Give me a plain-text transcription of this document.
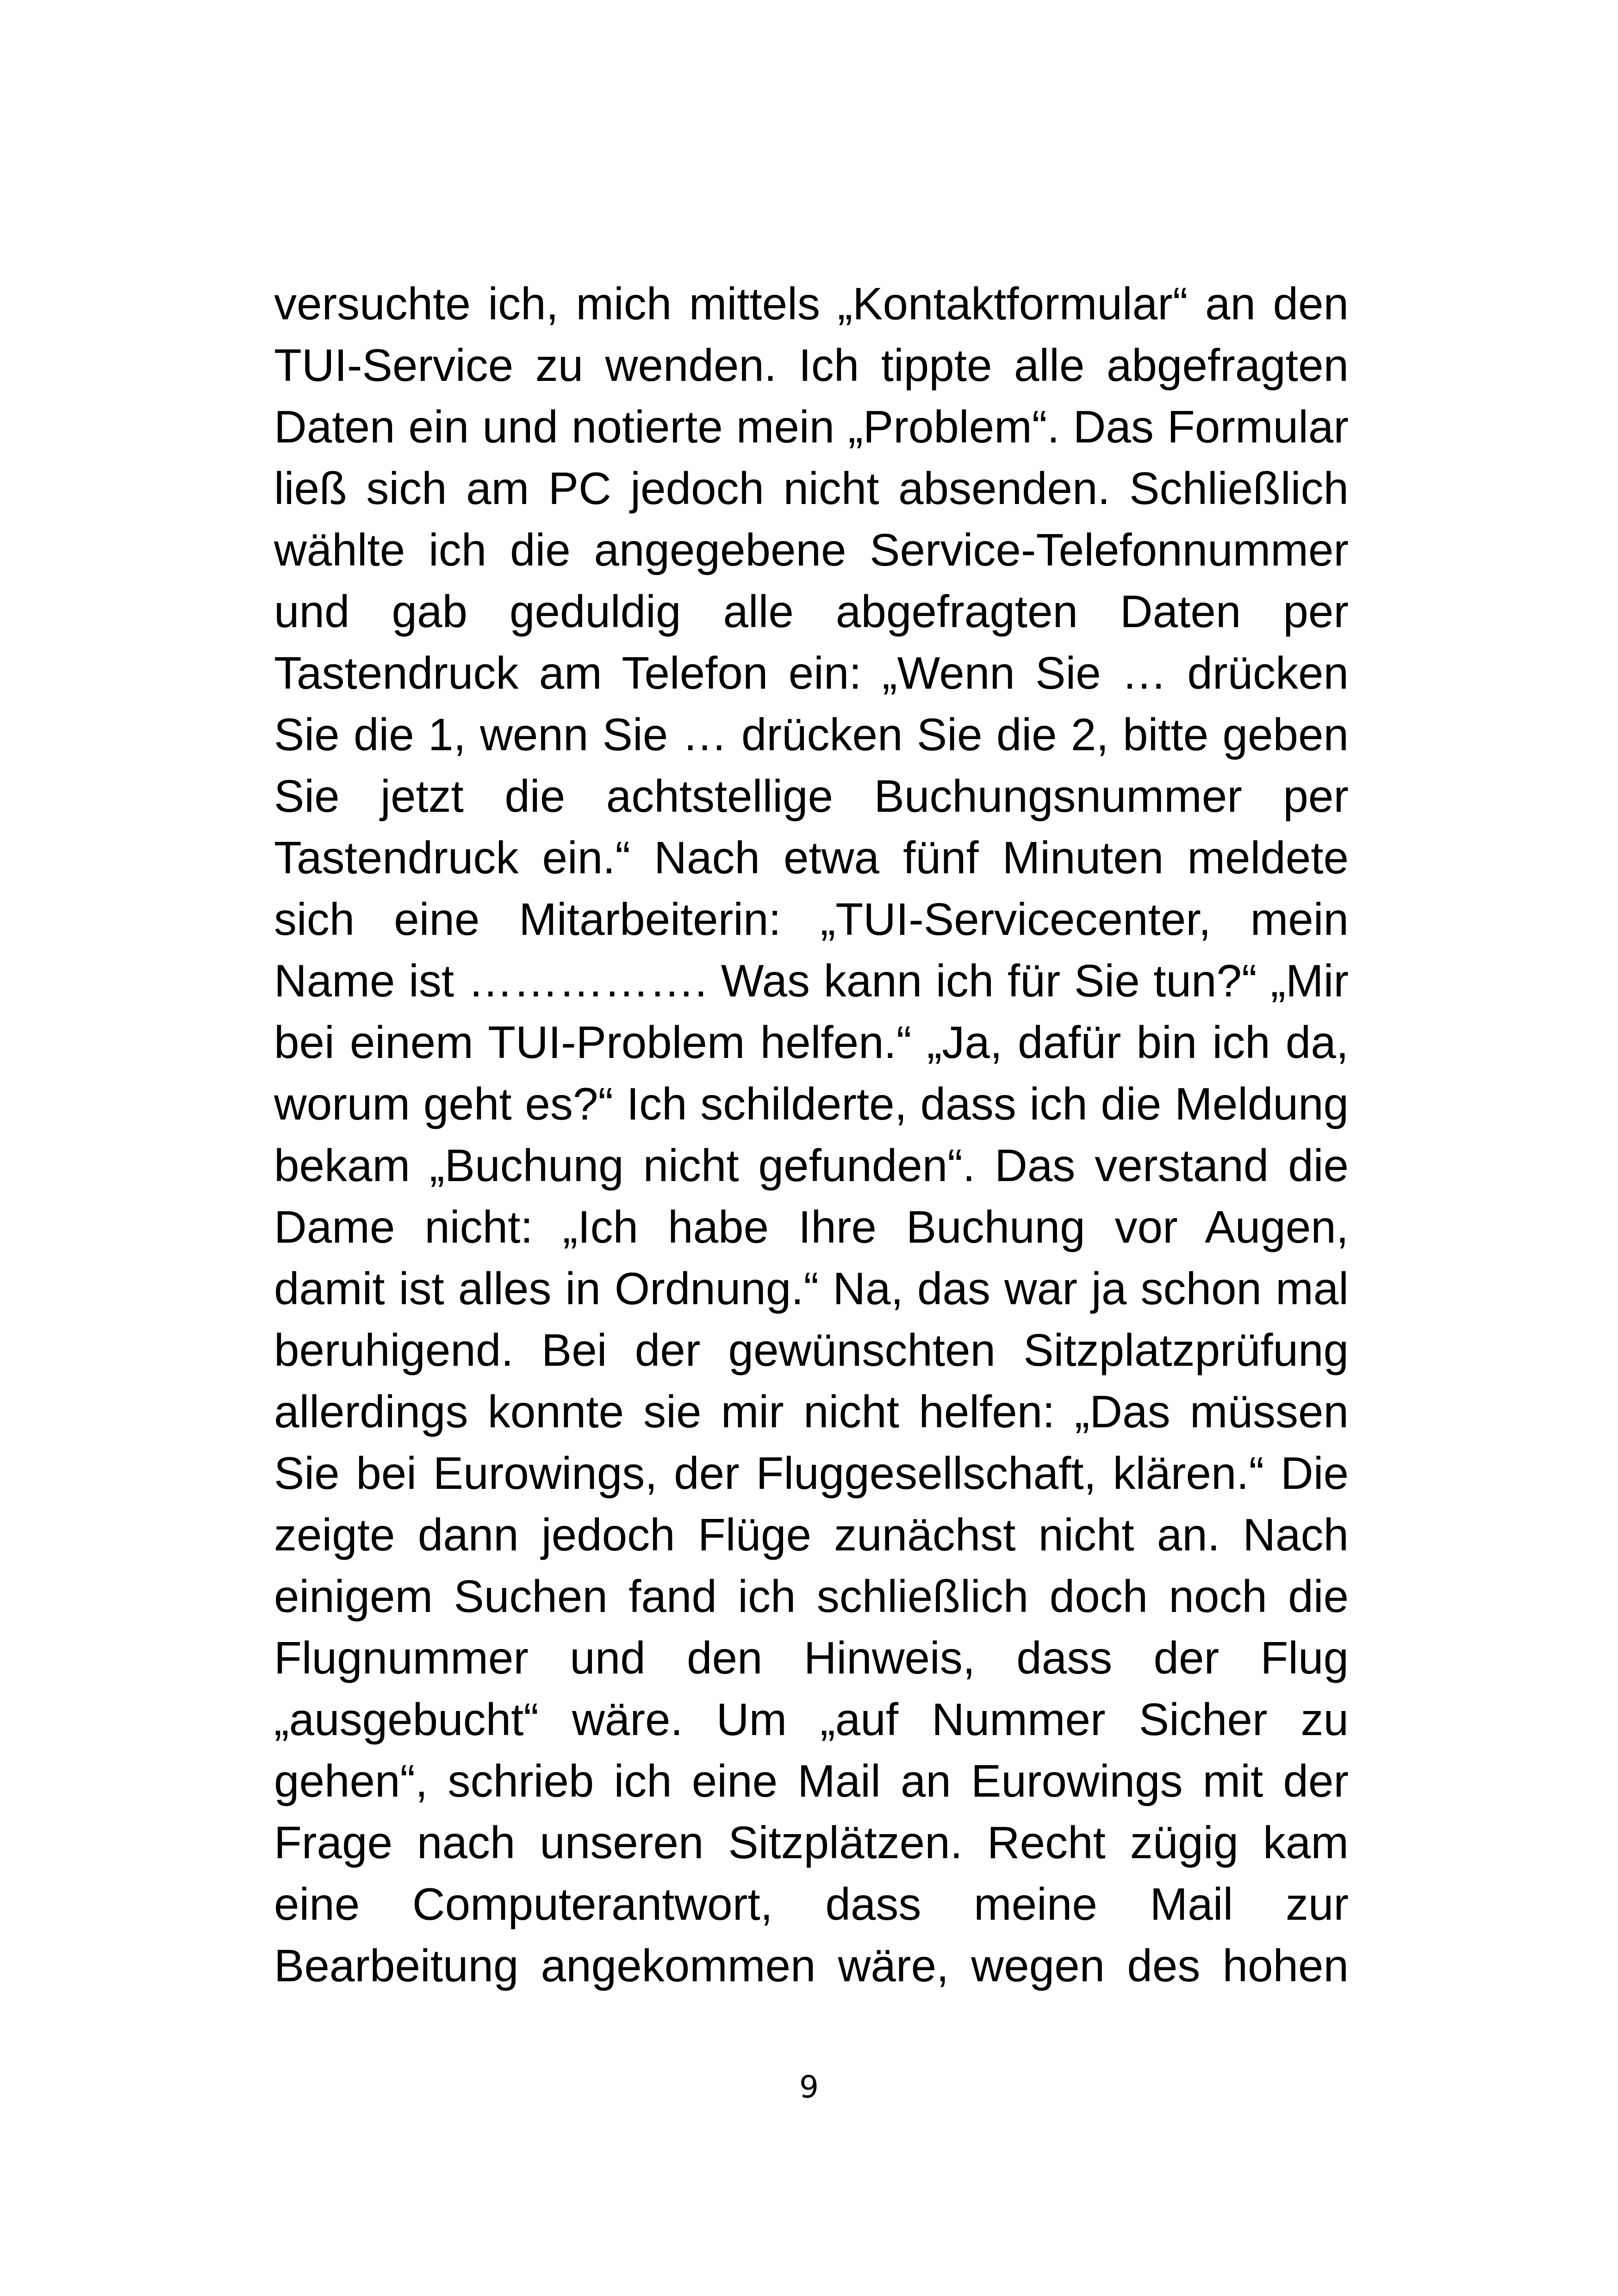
versuchte ich, mich mittels „Kontaktformular“ an den
TUI-Service zu wenden. Ich tippte alle abgefragten
Daten ein und notierte mein „Problem“. Das Formular
ließ sich am PC jedoch nicht absenden. Schließlich
wählte ich die angegebene Service-Telefonnummer
und gab geduldig alle abgefragten Daten per
Tastendruck am Telefon ein: „Wenn Sie … drücken
Sie die 1, wenn Sie … drücken Sie die 2, bitte geben
Sie jetzt die achtstellige Buchungsnummer per
Tastendruck ein.“ Nach etwa fünf Minuten meldete
sich eine Mitarbeiterin: „TUI-Servicecenter, mein
Name ist ……………. Was kann ich für Sie tun?“ „Mir
bei einem TUI-Problem helfen.“ „Ja, dafür bin ich da,
worum geht es?“ Ich schilderte, dass ich die Meldung
bekam „Buchung nicht gefunden“. Das verstand die
Dame nicht: „Ich habe Ihre Buchung vor Augen,
damit ist alles in Ordnung.“ Na, das war ja schon mal
beruhigend. Bei der gewünschten Sitzplatzprüfung
allerdings konnte sie mir nicht helfen: „Das müssen
Sie bei Eurowings, der Fluggesellschaft, klären.“ Die
zeigte dann jedoch Flüge zunächst nicht an. Nach
einigem Suchen fand ich schließlich doch noch die
Flugnummer und den Hinweis, dass der Flug
„ausgebucht“ wäre. Um „auf Nummer Sicher zu
gehen“, schrieb ich eine Mail an Eurowings mit der
Frage nach unseren Sitzplätzen. Recht zügig kam
eine Computerantwort, dass meine Mail zur
Bearbeitung angekommen wäre, wegen des hohen
9
